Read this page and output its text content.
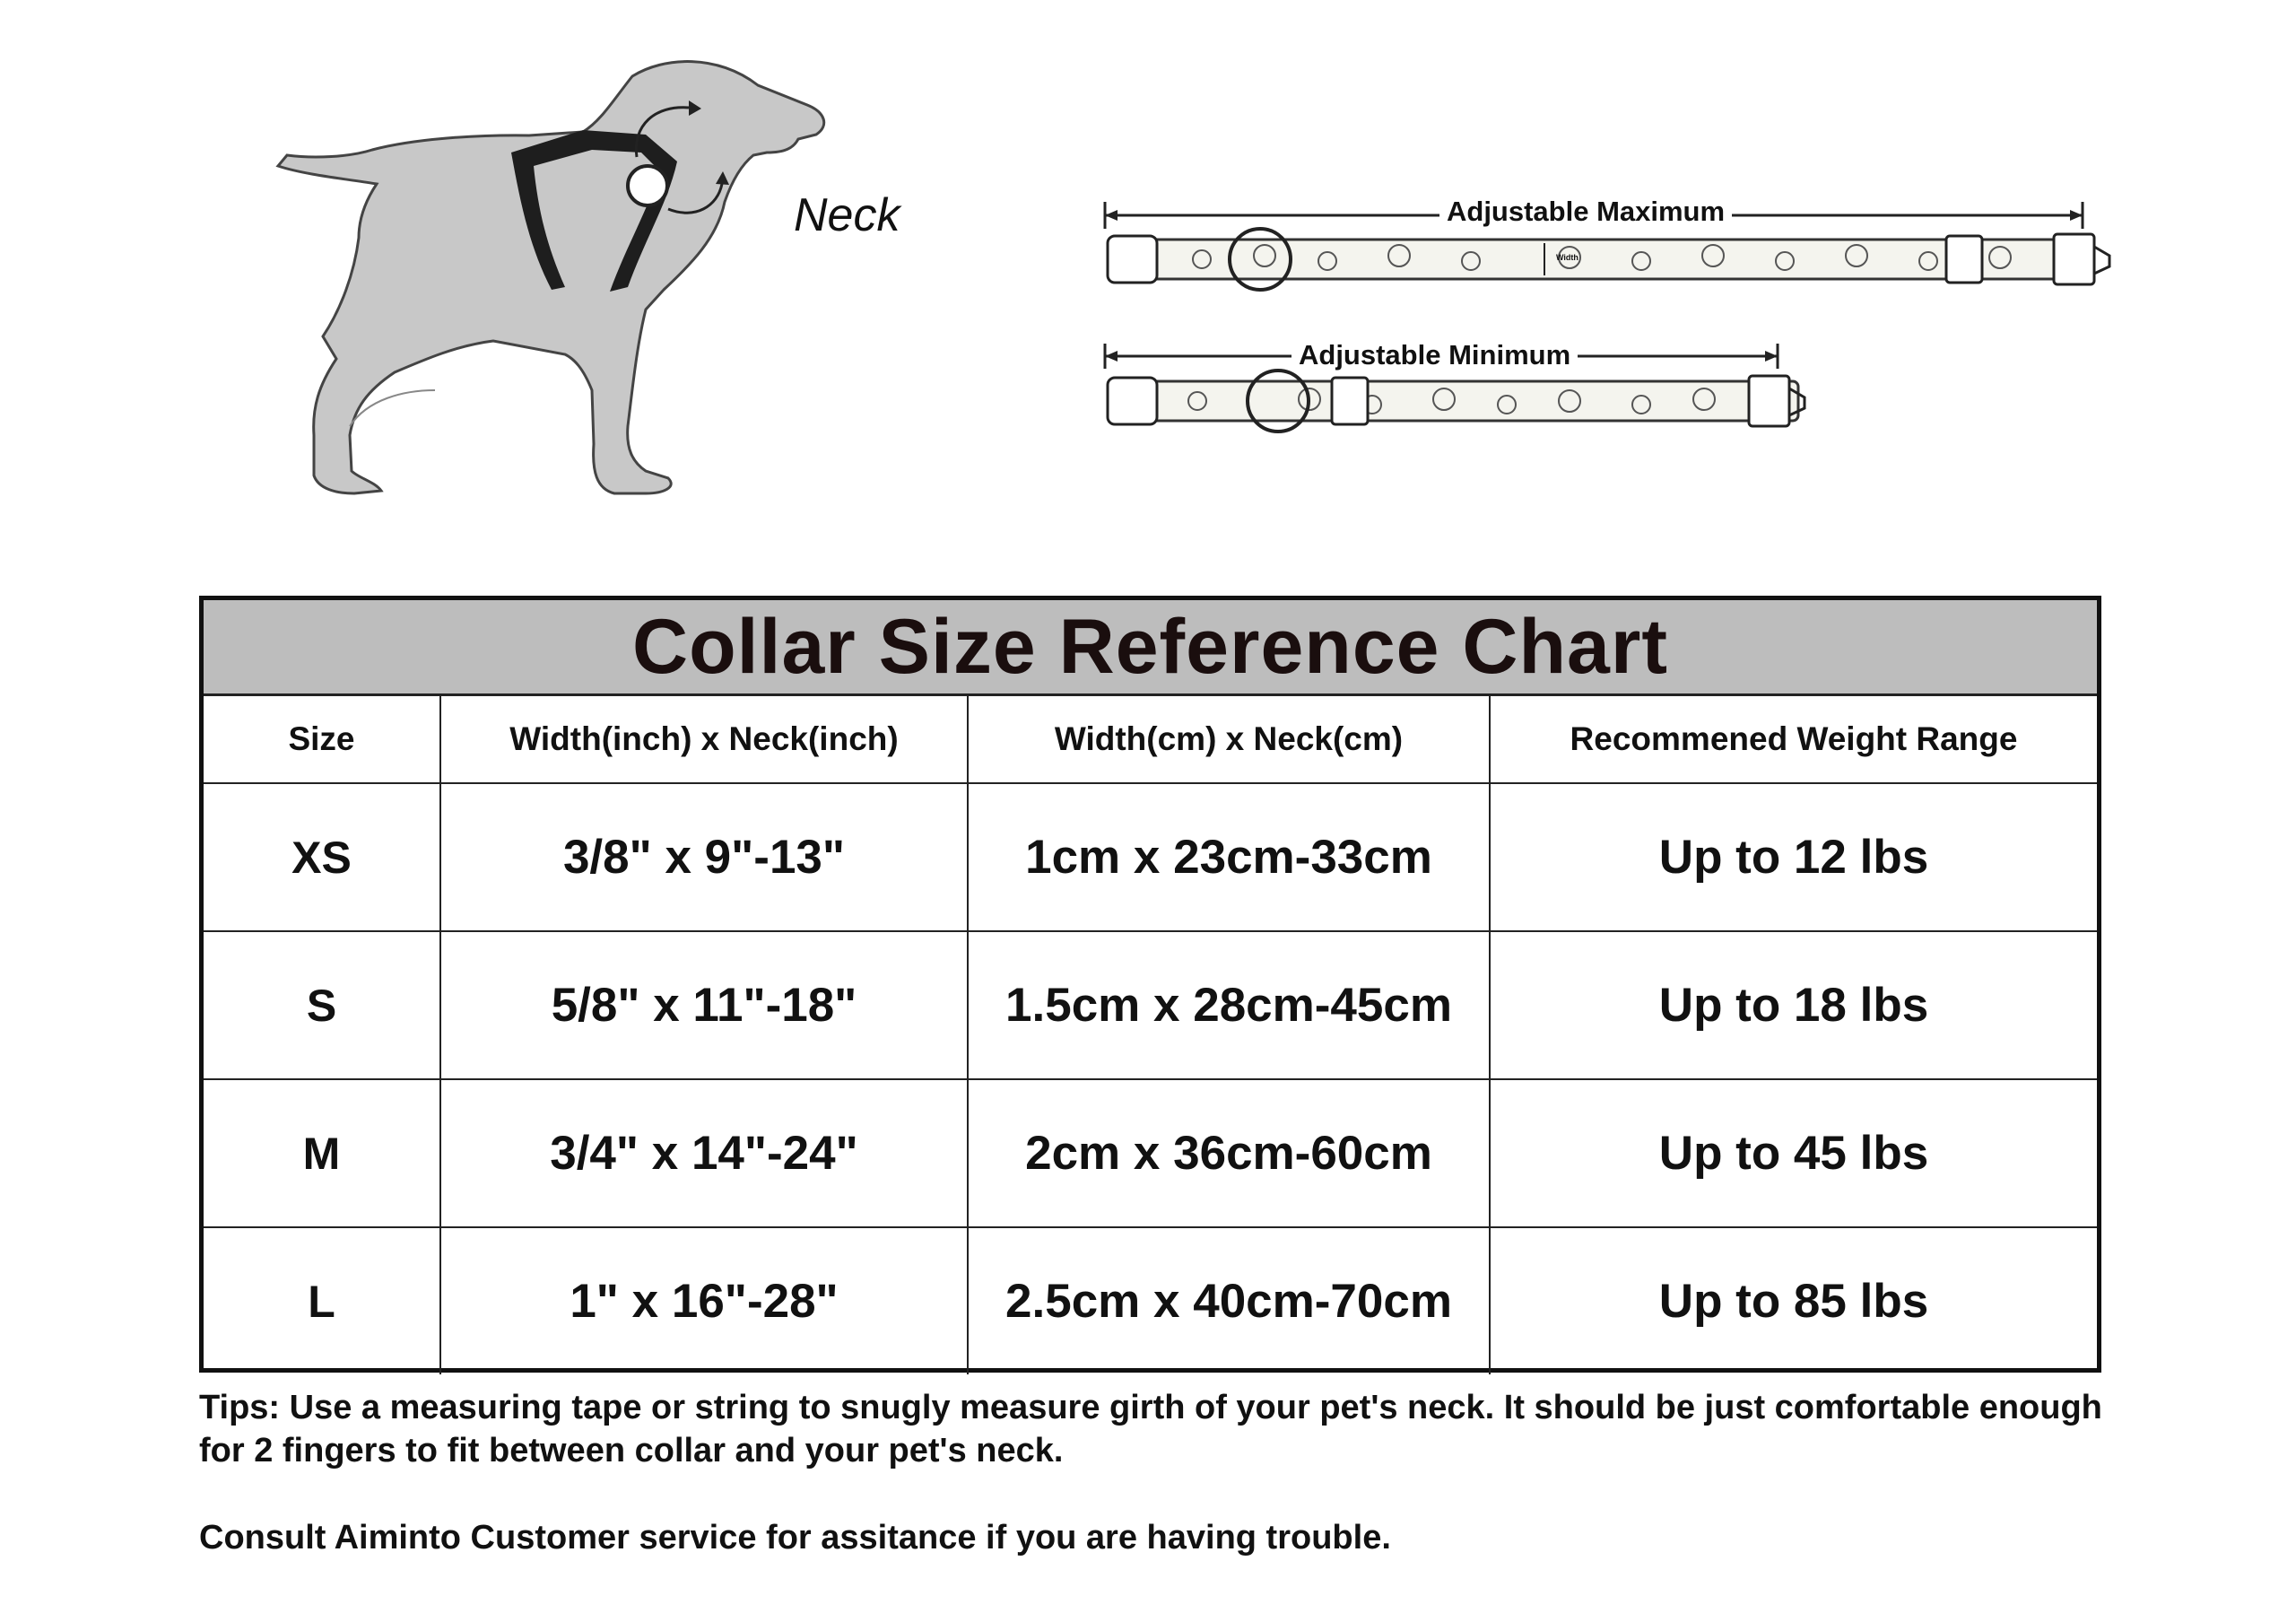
Neck
Width
Adjustable Maximum
Adjustable Minimum
Collar Size Reference Chart			
Size	Width(inch) x Neck(inch)	Width(cm) x Neck(cm)	Recommened Weight Range
XS	3/8" x 9"-13"	1cm x 23cm-33cm	Up to 12 lbs
S	5/8" x 11"-18"	1.5cm x 28cm-45cm	Up to 18 lbs
M	3/4" x 14"-24"	2cm x 36cm-60cm	Up to 45 lbs
L	1" x 16"-28"	2.5cm x 40cm-70cm	Up to 85 lbs
Tips: Use a measuring tape or string to snugly measure girth of your pet's neck. It should be just comfortable enough for 2 fingers to fit between collar and your pet's neck.
Consult Aiminto Customer service for assitance if you are having trouble.
